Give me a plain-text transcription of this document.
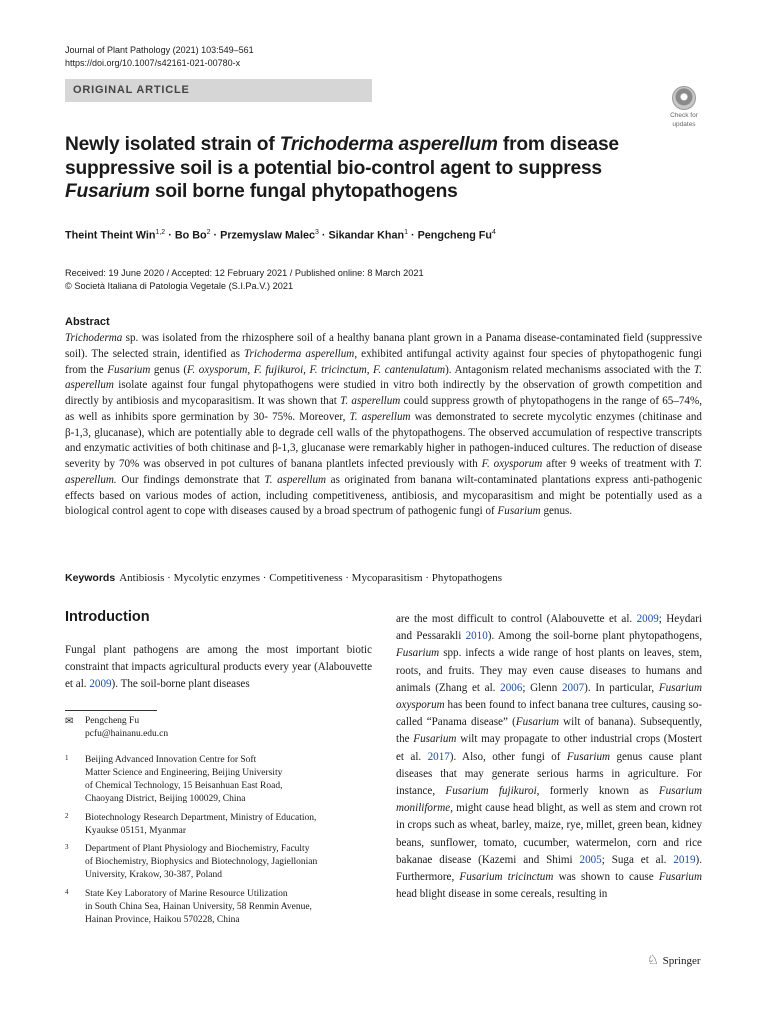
Journal of Plant Pathology (2021) 103:549–561
https://doi.org/10.1007/s42161-021-00780-x
ORIGINAL ARTICLE
Check for
updates
Newly isolated strain of Trichoderma asperellum from disease suppressive soil is a potential bio-control agent to suppress Fusarium soil borne fungal phytopathogens
Theint Theint Win$^{1,2}$ · Bo $Bo^2$ · Przemyslaw Malec$^3$ · Sikandar Khan$^1$ · Pengcheng Fu$^4$
Received: 19 June 2020 / Accepted: 12 February 2021 / Published online: 8 March 2021
© Società Italiana di Patologia Vegetale (S.I.Pa.V.) 2021
Abstract
Trichoderma sp. was isolated from the rhizosphere soil of a healthy banana plant grown in a Panama disease-contaminated field (suppressive soil). The selected strain, identified as Trichoderma asperellum, exhibited antifungal activity against four species of phytopathogenic fungi from the Fusarium genus (F. oxysporum, F. fujikuroi, F. tricinctum, F. cantenulatum). Antagonism related mechanisms associated with the T. asperellum isolate against four fungal phytopathogens were studied in vitro both indirectly by the observation of growth competition and directly by antibiosis and mycoparasitism. It was shown that T. asperellum could suppress growth of phytopathogens in the range of 65–74%, as well as inhibits spore germination by 30- 75%. Moreover, T. asperellum was demonstrated to secrete mycolytic enzymes (chitinase and β-1,3, glucanase), which are potentially able to degrade cell walls of the phytopathogens. The observed accumulation of respective transcripts and enzymatic activities of both chitinase and β-1,3, glucanase were remarkably higher in pathogen-induced cultures. The reduction of disease severity by 70% was observed in pot cultures of banana plantlets infected previously with F. oxysporum after 9 weeks of treatment with T. asperellum. Our findings demonstrate that T. asperellum as originated from banana wilt-contaminated plantations express anti-pathogenic effects based on various modes of action, including competitiveness, antibiosis, and mycoparasitism and might be potentially used as a biological control agent to cope with diseases caused by a broad spectrum of pathogenic fungi of Fusarium genus.
Keywords Antibiosis · Mycolytic enzymes · Competitiveness · Mycoparasitism · Phytopathogens
Introduction
Fungal plant pathogens are among the most important biotic constraint that impacts agricultural products every year (Alabouvette et al. 2009). The soil-borne plant diseases
are the most difficult to control (Alabouvette et al. 2009; Heydari and Pessarakli 2010). Among the soil-borne plant phytopathogens, Fusarium spp. infects a wide range of host plants on leaves, stem, roots, and fruits. They may even cause diseases to humans and animals (Zhang et al. 2006; Glenn 2007). In particular, Fusarium oxysporum has been found to infect banana tree cultures, causing so-called “Panama disease” (Fusarium wilt of banana). Subsequently, the Fusarium wilt may propagate to other industrial crops (Mostert et al. 2017). Also, other fungi of Fusarium genus cause plant diseases that may generate serious harms in agriculture. For instance, Fusarium fujikuroi, formerly known as Fusarium moniliforme, might cause head blight, as well as stem and crown rot in crops such as wheat, barley, maize, rye, millet, green bean, kidney beans, sunflower, tomato, cucumber, watermelon, corn and rice bakanae disease (Kazemi and Shimi 2005; Suga et al. 2019). Furthermore, Fusarium tricinctum was shown to cause Fusarium head blight disease in some cereals, resulting in
✉ Pengcheng Fu
pcfu@hainanu.edu.cn
1 Beijing Advanced Innovation Centre for Soft
Matter Science and Engineering, Beijing University
of Chemical Technology, 15 Beisanhuan East Road,
Chaoyang District, Beijing 100029, China
2 Biotechnology Research Department, Ministry of Education,
Kyaukse 05151, Myanmar
3 Department of Plant Physiology and Biochemistry, Faculty
of Biochemistry, Biophysics and Biotechnology, Jagiellonian
University, Krakow, 30-387, Poland
4 State Key Laboratory of Marine Resource Utilization
in South China Sea, Hainan University, 58 Renmin Avenue,
Hainan Province, Haikou 570228, China
♘ Springer
